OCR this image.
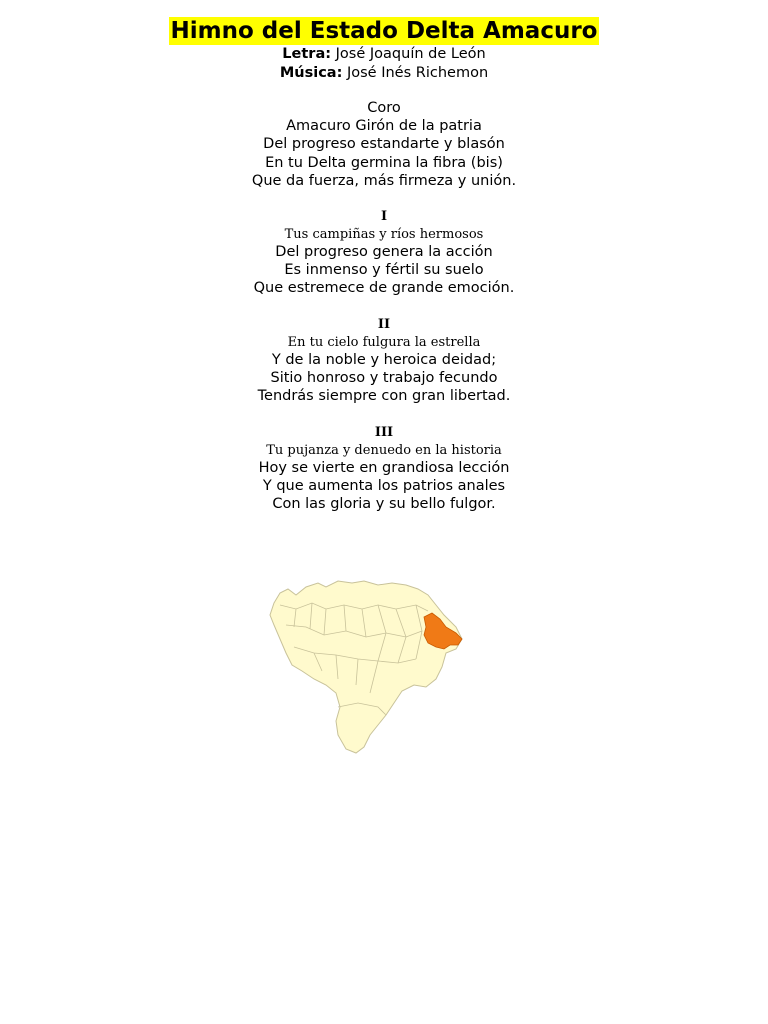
Himno del Estado Delta Amacuro
Letra: José Joaquín de León
Música: José Inés Richemon
Coro
Amacuro Girón de la patria
Del progreso estandarte y blasón
En tu Delta germina la fibra (bis)
Que da fuerza, más firmeza y unión.
I
Tus campiñas y ríos hermosos
Del progreso genera la acción
Es inmenso y fértil su suelo
Que estremece de grande emoción.
II
En tu cielo fulgura la estrella
Y de la noble y heroica deidad;
Sitio honroso y trabajo fecundo
Tendrás siempre con gran libertad.
III
Tu pujanza y denuedo en la historia
Hoy se vierte en grandiosa lección
Y que aumenta los patrios anales
Con las gloria y su bello fulgor.
